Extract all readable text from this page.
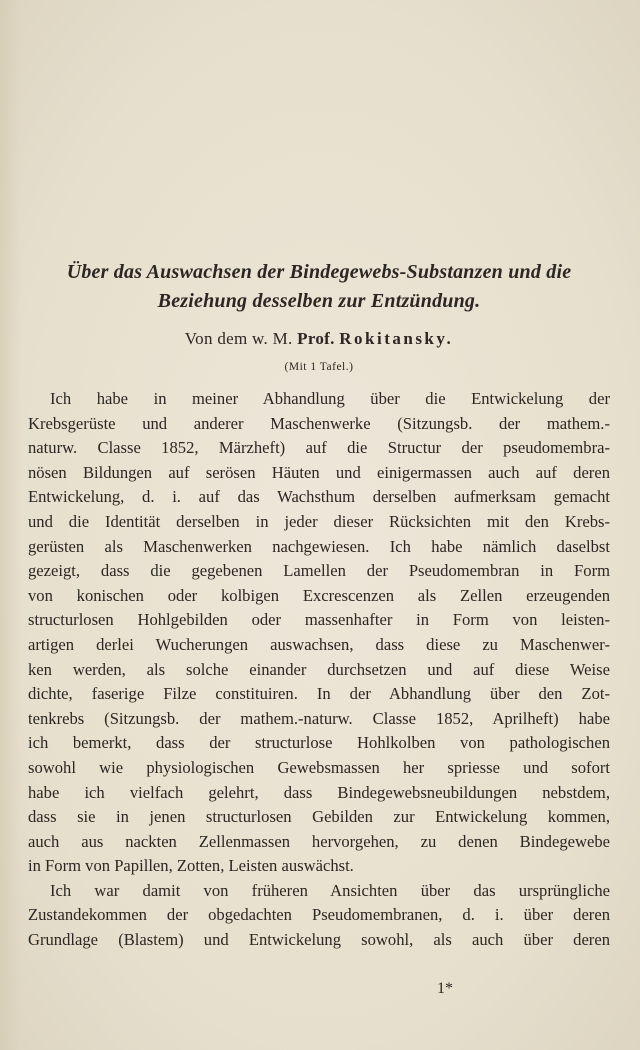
Über das Auswachsen der Bindegewebs-Substanzen und die
Beziehung desselben zur Entzündung.
Von dem w. M. Prof. Rokitansky.
(Mit 1 Tafel.)
Ich habe in meiner Abhandlung über die Entwickelung der
Krebsgerüste und anderer Maschenwerke (Sitzungsb. der mathem.-
naturw. Classe 1852, Märzheft) auf die Structur der pseudomembra-
nösen Bildungen auf serösen Häuten und einigermassen auch auf deren
Entwickelung, d. i. auf das Wachsthum derselben aufmerksam gemacht
und die Identität derselben in jeder dieser Rücksichten mit den Krebs-
gerüsten als Maschenwerken nachgewiesen. Ich habe nämlich daselbst
gezeigt, dass die gegebenen Lamellen der Pseudomembran in Form
von konischen oder kolbigen Excrescenzen als Zellen erzeugenden
structurlosen Hohlgebilden oder massenhafter in Form von leisten-
artigen derlei Wucherungen auswachsen, dass diese zu Maschenwer-
ken werden, als solche einander durchsetzen und auf diese Weise
dichte, faserige Filze constituiren. In der Abhandlung über den Zot-
tenkrebs (Sitzungsb. der mathem.-naturw. Classe 1852, Aprilheft) habe
ich bemerkt, dass der structurlose Hohlkolben von pathologischen
sowohl wie physiologischen Gewebsmassen her spriesse und sofort
habe ich vielfach gelehrt, dass Bindegewebsneubildungen nebstdem,
dass sie in jenen structurlosen Gebilden zur Entwickelung kommen,
auch aus nackten Zellenmassen hervorgehen, zu denen Bindegewebe
in Form von Papillen, Zotten, Leisten auswächst.
Ich war damit von früheren Ansichten über das ursprüngliche
Zustandekommen der obgedachten Pseudomembranen, d. i. über deren
Grundlage (Blastem) und Entwickelung sowohl, als auch über deren
1*
